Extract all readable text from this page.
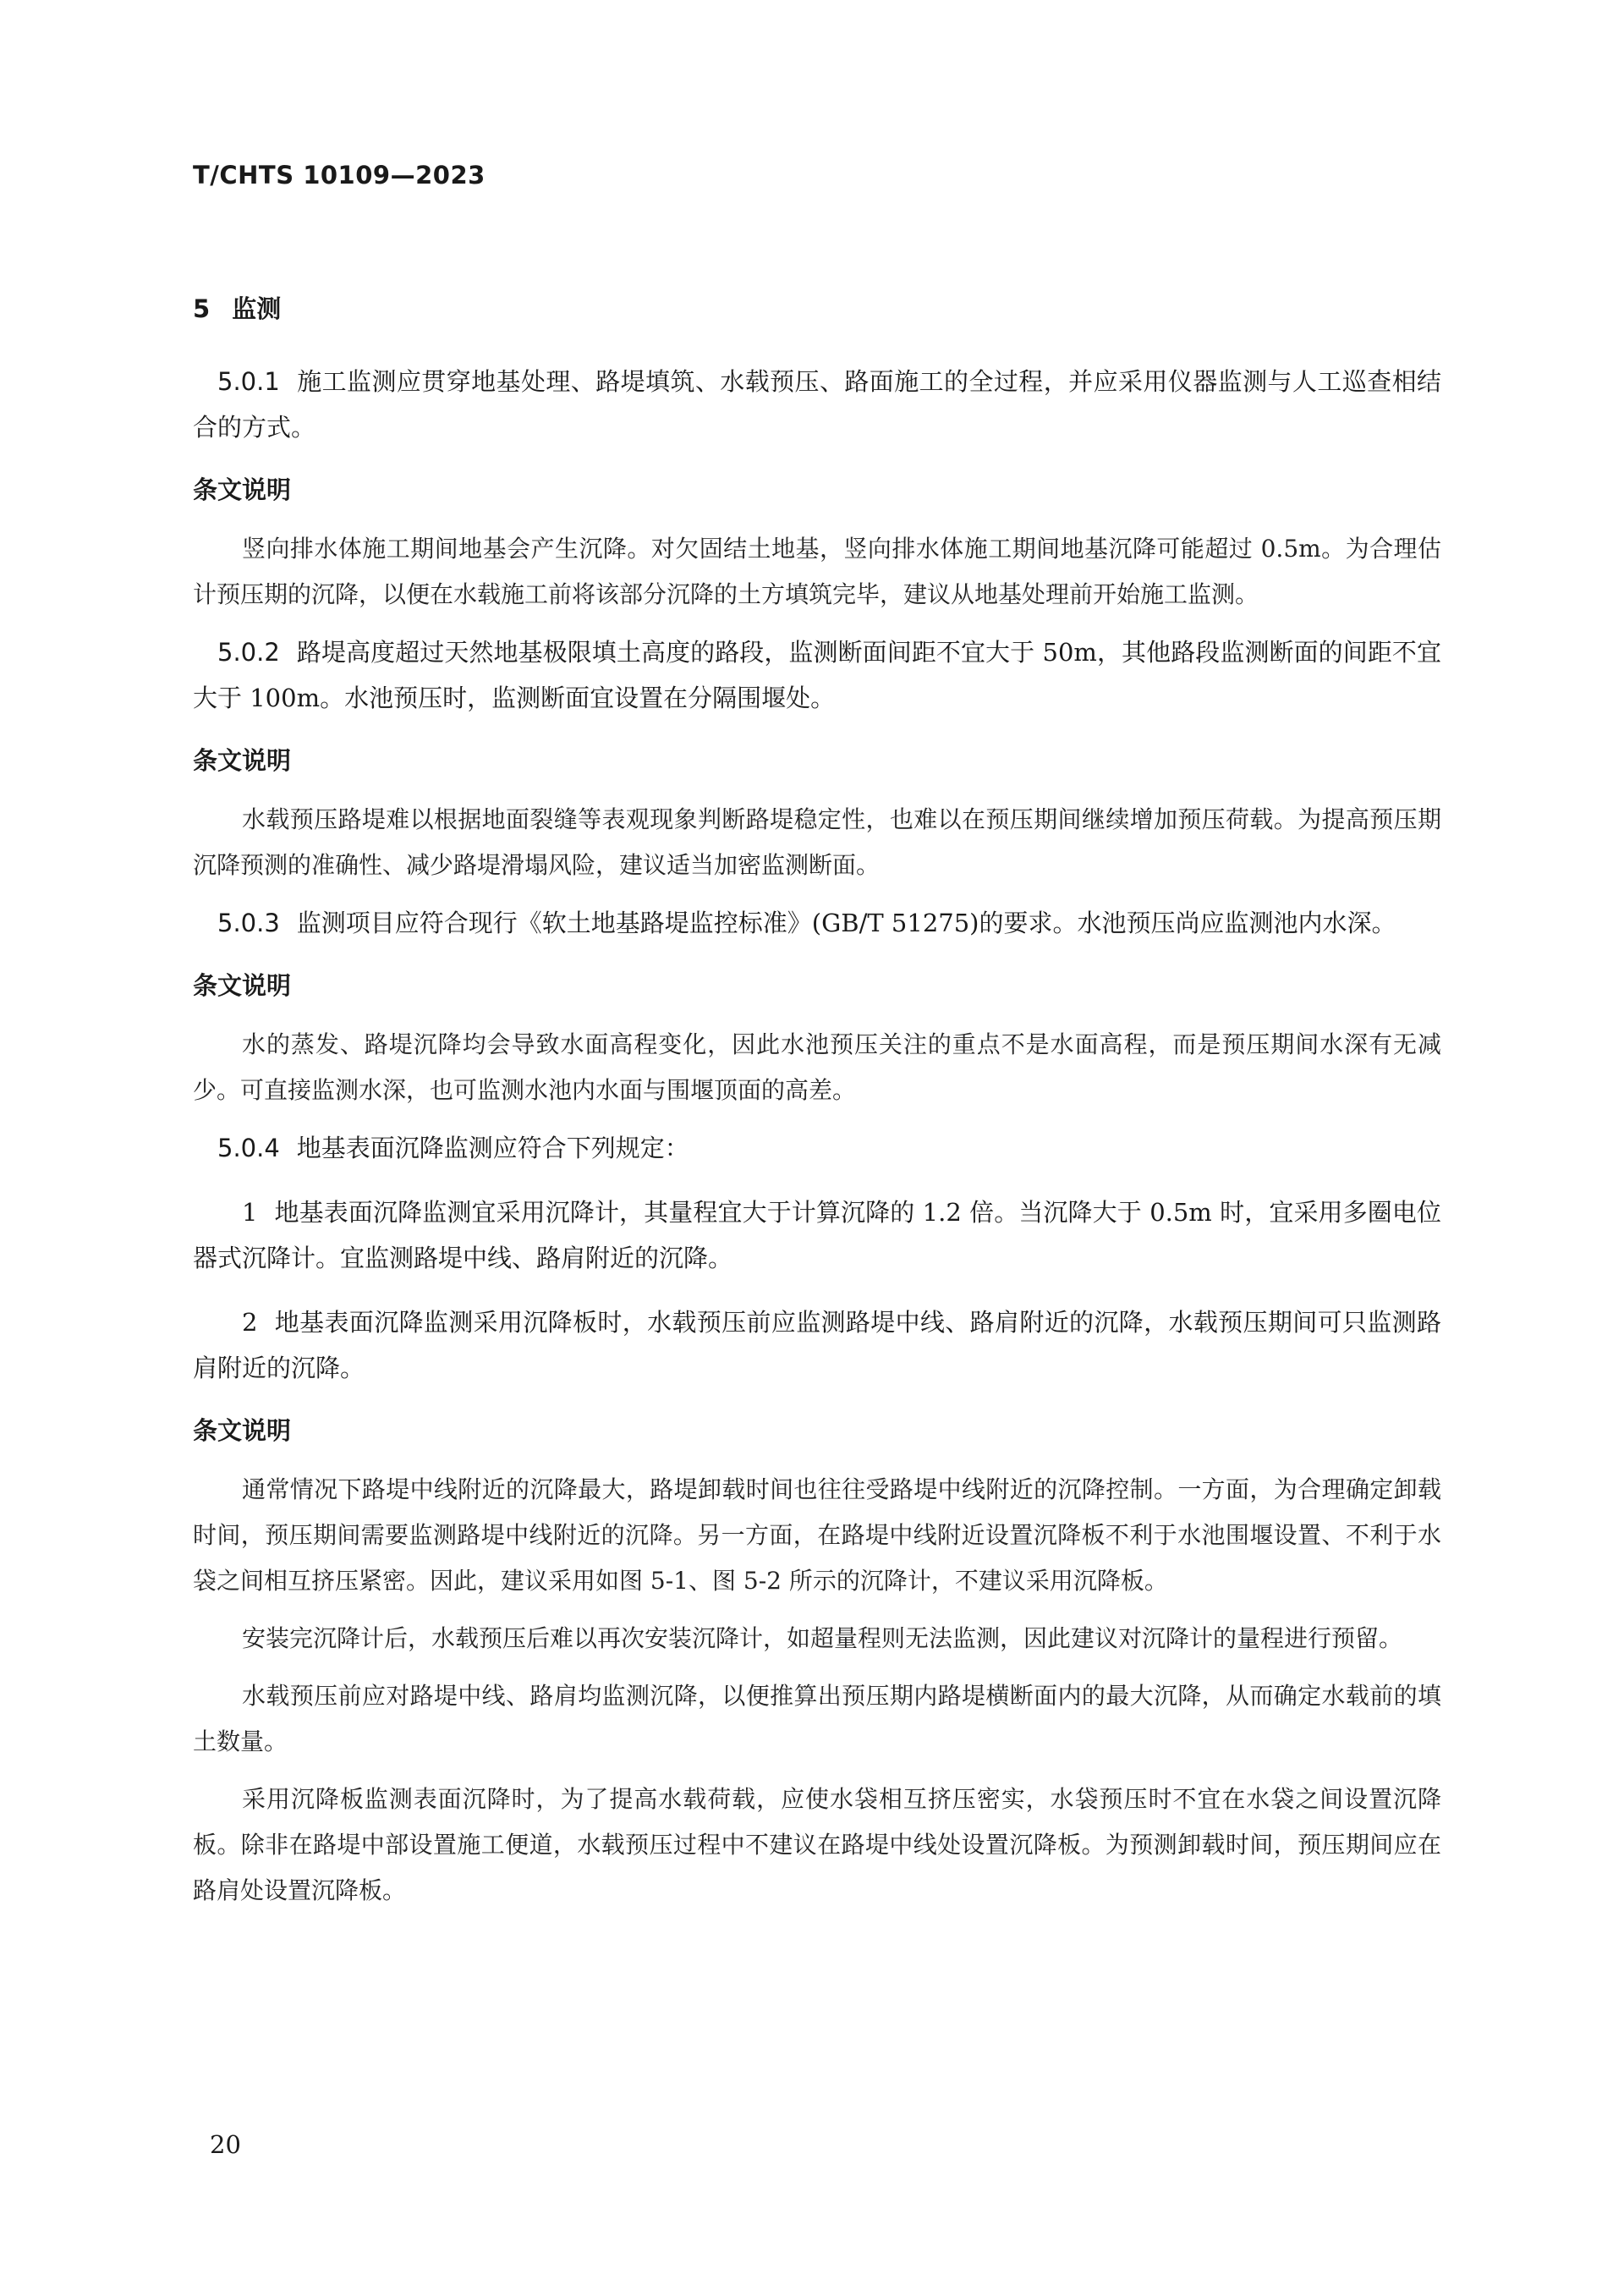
T/CHTS 10109—2023
5 监测

5.0.1 施工监测应贯穿地基处理、路堤填筑、水载预压、路面施工的全过程，并应采用仪器监测与人工巡查相结合的方式。

条文说明

竖向排水体施工期间地基会产生沉降。对欠固结土地基，竖向排水体施工期间地基沉降可能超过 0.5m。为合理估计预压期的沉降，以便在水载施工前将该部分沉降的土方填筑完毕，建议从地基处理前开始施工监测。

5.0.2 路堤高度超过天然地基极限填土高度的路段，监测断面间距不宜大于 50m，其他路段监测断面的间距不宜大于 100m。水池预压时，监测断面宜设置在分隔围堰处。

条文说明

水载预压路堤难以根据地面裂缝等表观现象判断路堤稳定性，也难以在预压期间继续增加预压荷载。为提高预压期沉降预测的准确性、减少路堤滑塌风险，建议适当加密监测断面。

5.0.3 监测项目应符合现行《软土地基路堤监控标准》(GB/T 51275)的要求。水池预压尚应监测池内水深。

条文说明

水的蒸发、路堤沉降均会导致水面高程变化，因此水池预压关注的重点不是水面高程，而是预压期间水深有无减少。可直接监测水深，也可监测水池内水面与围堰顶面的高差。

5.0.4 地基表面沉降监测应符合下列规定：

1 地基表面沉降监测宜采用沉降计，其量程宜大于计算沉降的 1.2 倍。当沉降大于 0.5m 时，宜采用多圈电位器式沉降计。宜监测路堤中线、路肩附近的沉降。

2 地基表面沉降监测采用沉降板时，水载预压前应监测路堤中线、路肩附近的沉降，水载预压期间可只监测路肩附近的沉降。

条文说明

通常情况下路堤中线附近的沉降最大，路堤卸载时间也往往受路堤中线附近的沉降控制。一方面，为合理确定卸载时间，预压期间需要监测路堤中线附近的沉降。另一方面，在路堤中线附近设置沉降板不利于水池围堰设置、不利于水袋之间相互挤压紧密。因此，建议采用如图 5-1、图 5-2 所示的沉降计，不建议采用沉降板。

安装完沉降计后，水载预压后难以再次安装沉降计，如超量程则无法监测，因此建议对沉降计的量程进行预留。

水载预压前应对路堤中线、路肩均监测沉降，以便推算出预压期内路堤横断面内的最大沉降，从而确定水载前的填土数量。

采用沉降板监测表面沉降时，为了提高水载荷载，应使水袋相互挤压密实，水袋预压时不宜在水袋之间设置沉降板。除非在路堤中部设置施工便道，水载预压过程中不建议在路堤中线处设置沉降板。为预测卸载时间，预压期间应在路肩处设置沉降板。

20
